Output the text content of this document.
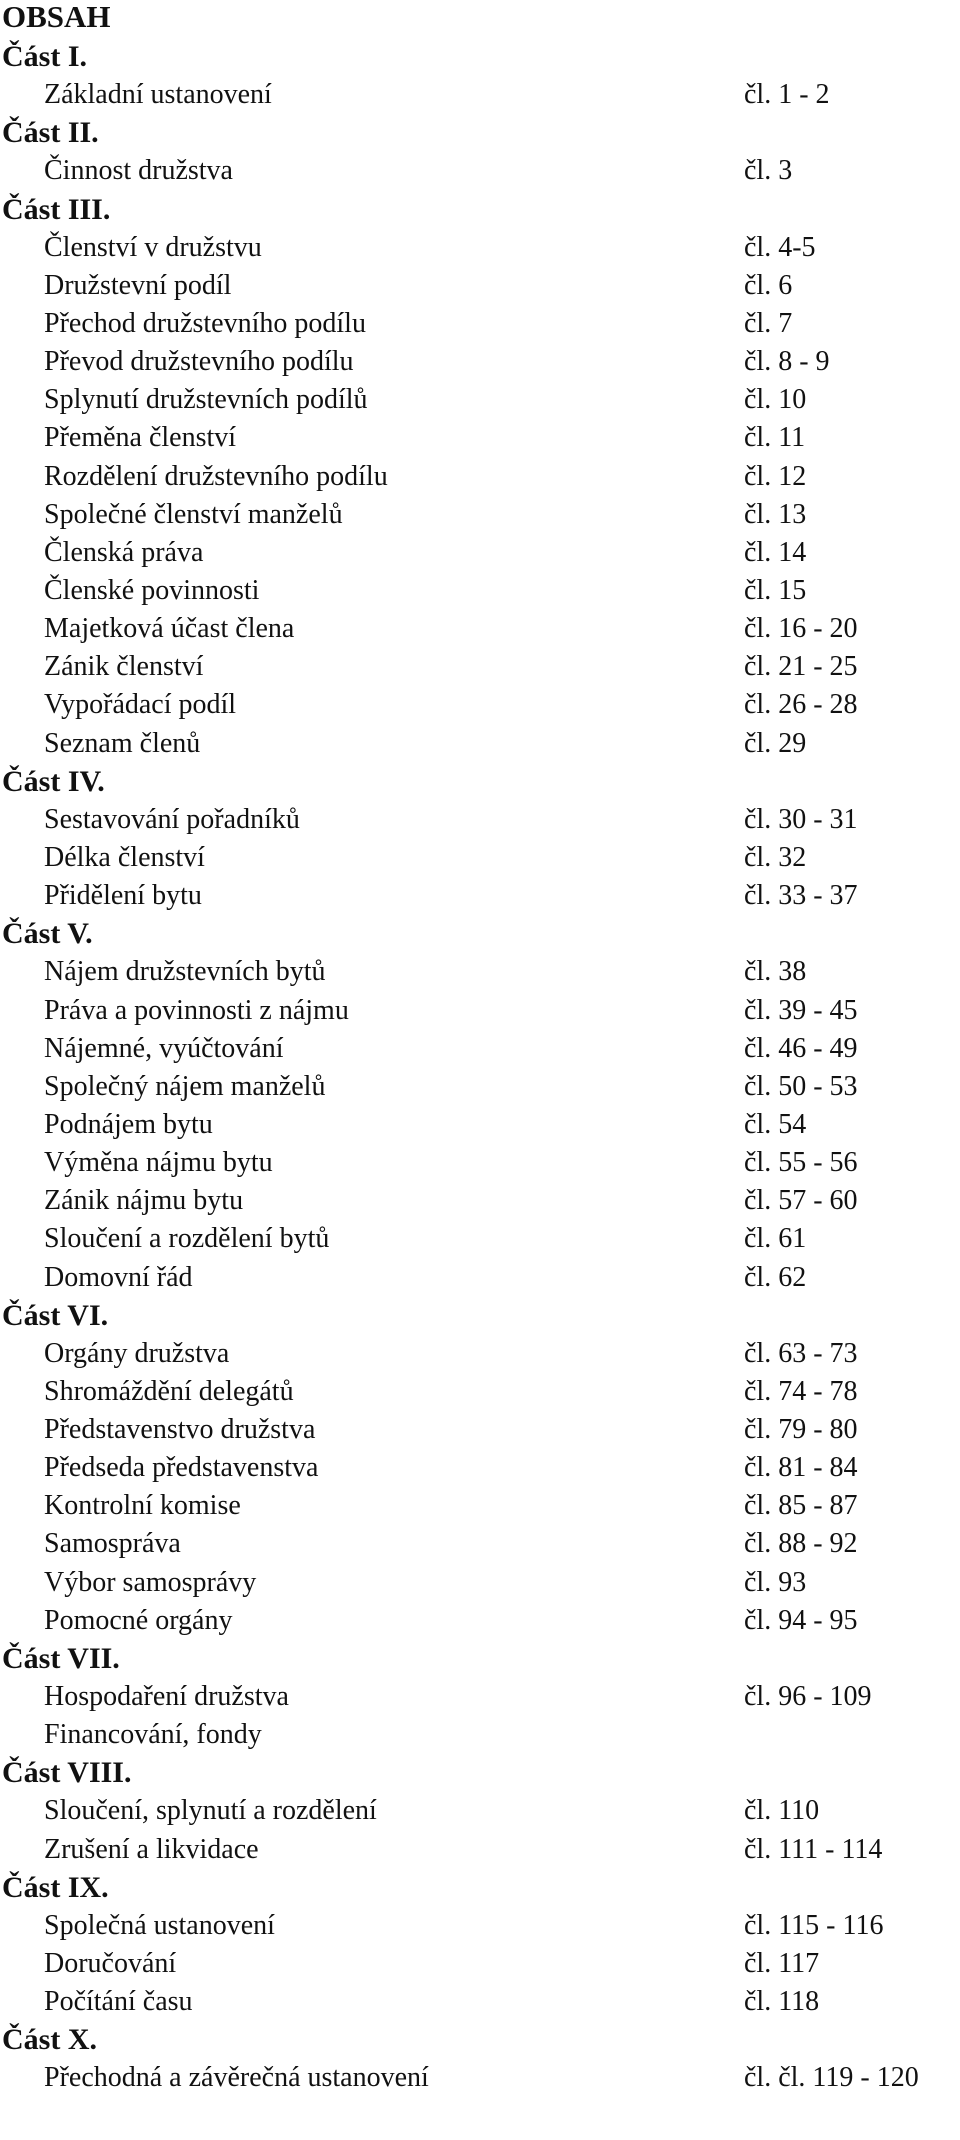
OBSAH
Část I.
Základní ustanovení	čl. 1 - 2
Část II.
Činnost družstva	čl. 3
Část III.
Členství v družstvu	čl. 4-5
Družstevní podíl	čl. 6
Přechod družstevního podílu	čl. 7
Převod družstevního podílu	čl. 8 - 9
Splynutí družstevních podílů	čl. 10
Přeměna členství	čl. 11
Rozdělení družstevního podílu	čl. 12
Společné členství manželů	čl. 13
Členská práva	čl. 14
Členské povinnosti	čl. 15
Majetková účast člena	čl. 16 - 20
Zánik členství	čl. 21 - 25
Vypořádací podíl	čl. 26 - 28
Seznam členů	čl. 29
Část IV.
Sestavování pořadníků	čl. 30 - 31
Délka členství	čl. 32
Přidělení bytu	čl. 33 - 37
Část V.
Nájem družstevních bytů	čl. 38
Práva a povinnosti z nájmu	čl. 39 - 45
Nájemné, vyúčtování	čl. 46 - 49
Společný nájem manželů	čl. 50 - 53
Podnájem bytu	čl. 54
Výměna nájmu bytu	čl. 55 - 56
Zánik nájmu bytu	čl. 57 - 60
Sloučení a rozdělení bytů	čl. 61
Domovní řád	čl. 62
Část VI.
Orgány družstva	čl. 63 - 73
Shromáždění delegátů	čl. 74 - 78
Představenstvo družstva	čl. 79 - 80
Předseda představenstva	čl. 81 - 84
Kontrolní komise	čl. 85 - 87
Samospráva	čl. 88 - 92
Výbor samosprávy	čl. 93
Pomocné orgány	čl. 94 - 95
Část VII.
Hospodaření družstva	čl. 96 - 109
Financování, fondy
Část VIII.
Sloučení, splynutí a rozdělení	čl. 110
Zrušení a likvidace	čl. 111 - 114
Část IX.
Společná ustanovení	čl. 115 - 116
Doručování	čl. 117
Počítání času	čl. 118
Část X.
Přechodná a závěrečná ustanovení	čl. čl. 119 - 120
